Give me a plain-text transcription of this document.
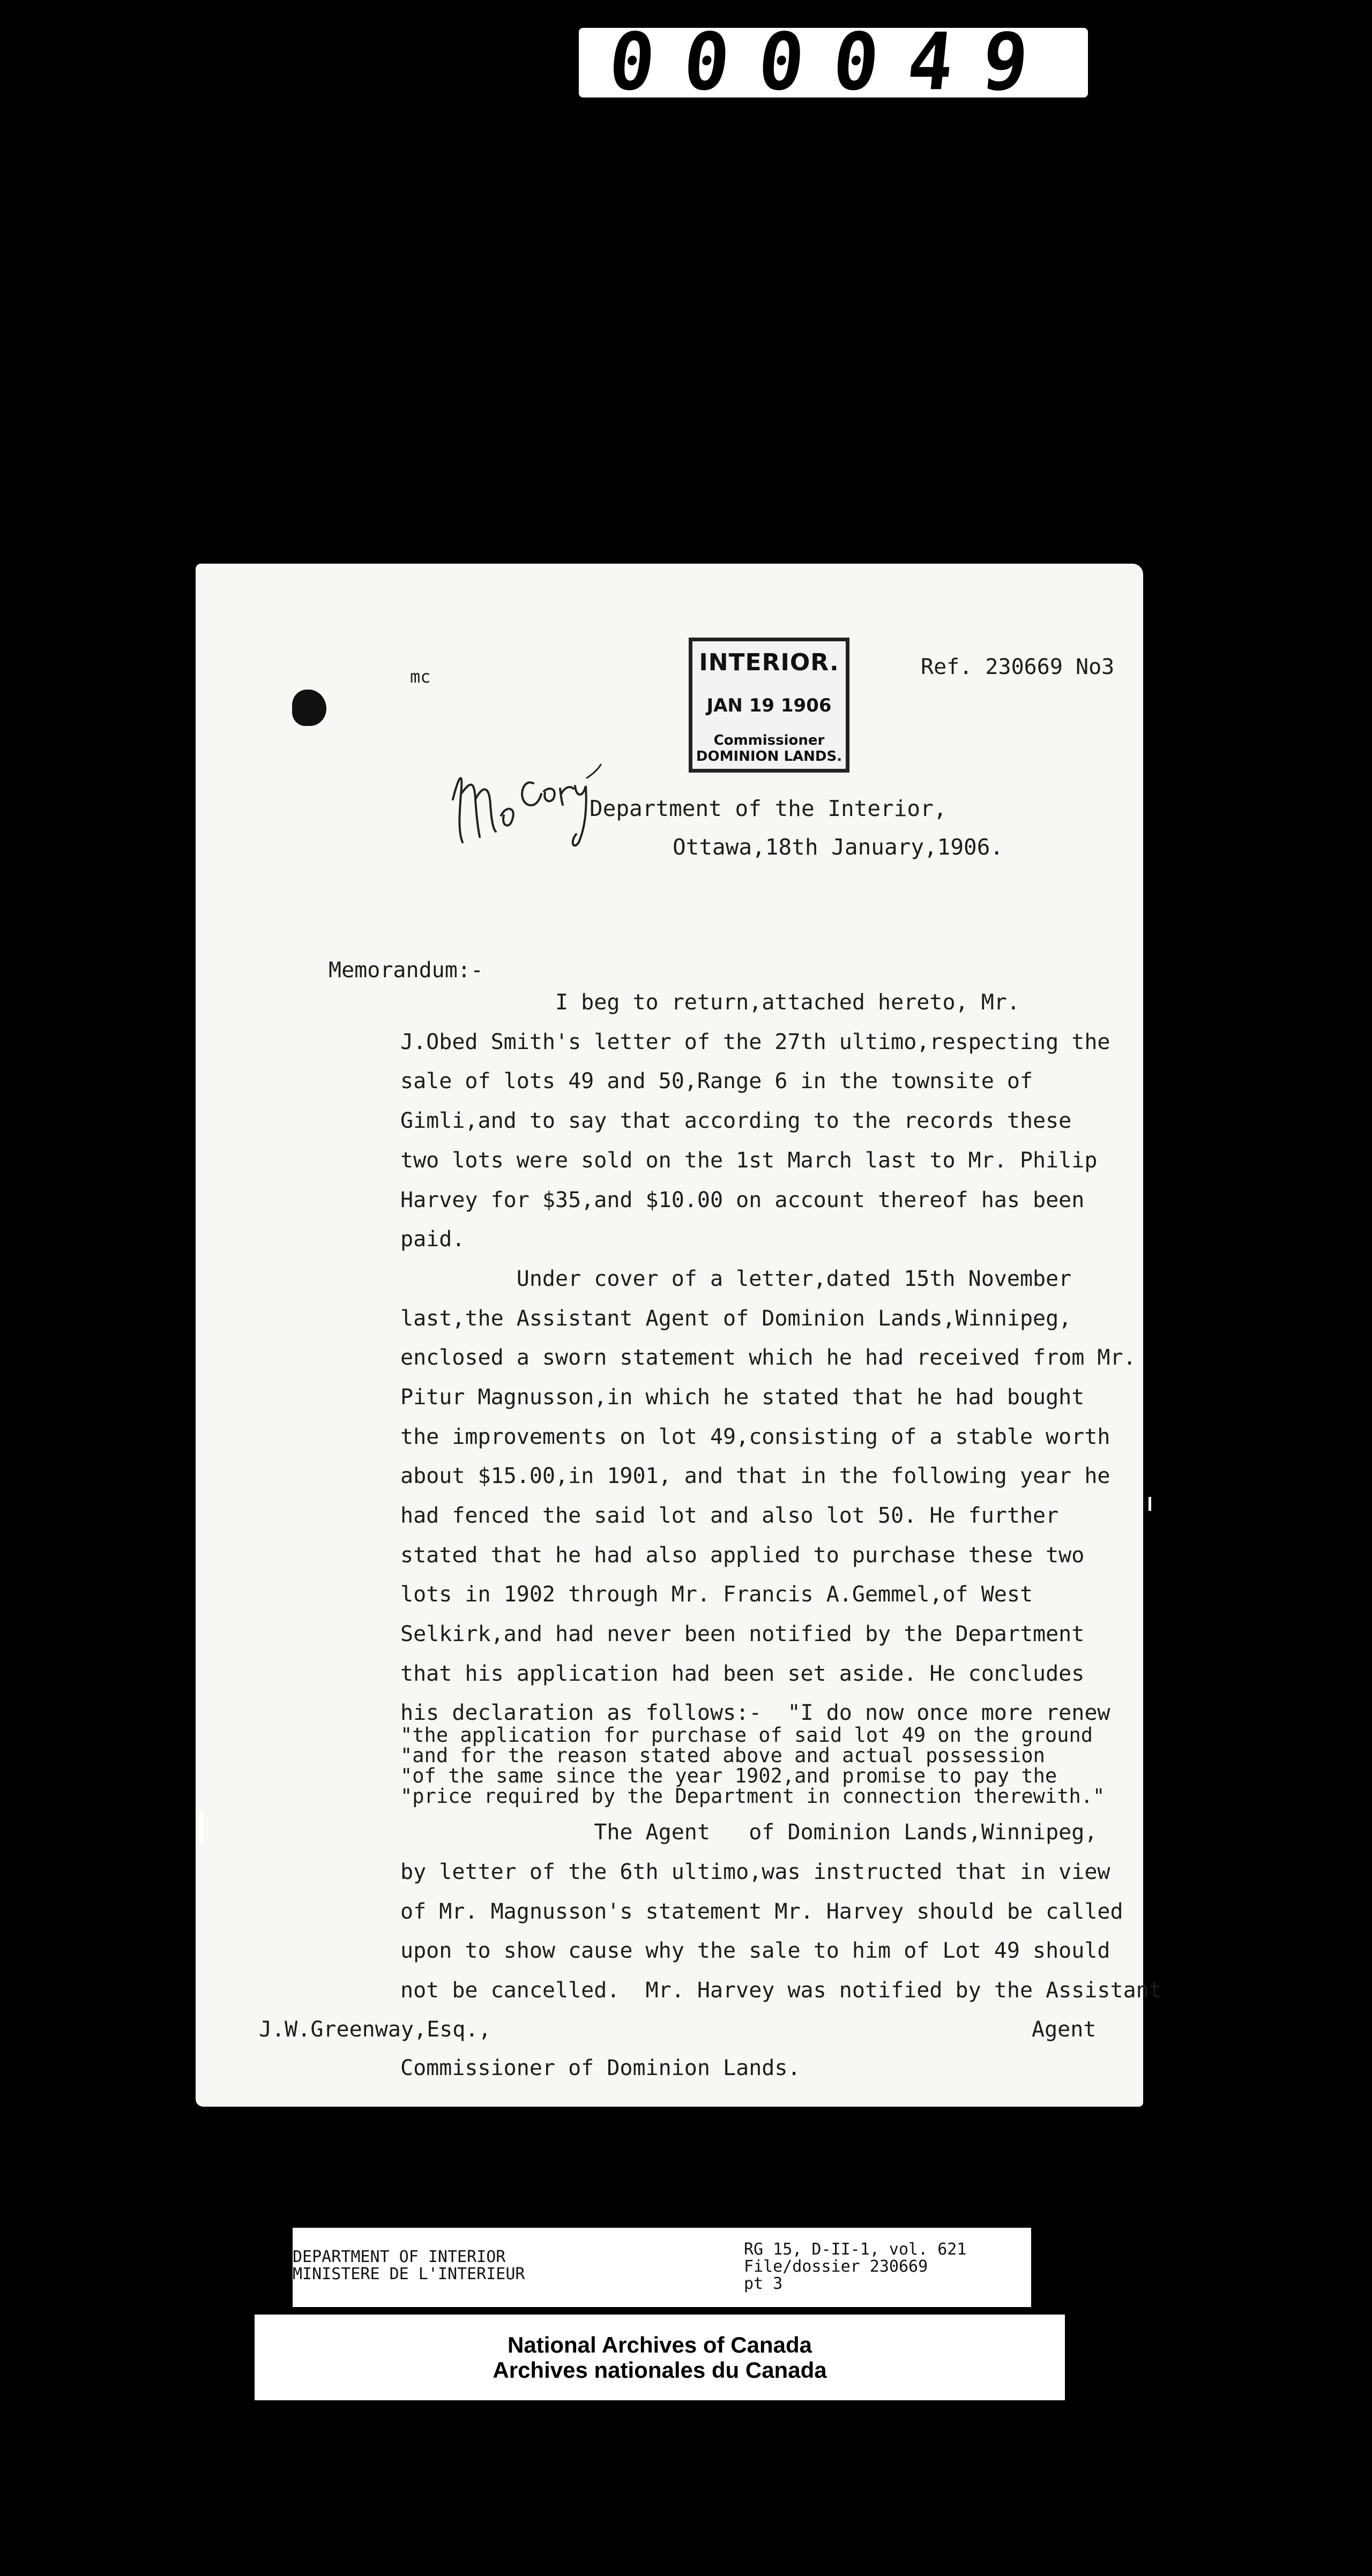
000049
mc
INTERIOR.
JAN 19 1906
Commissioner
DOMINION LANDS.
Ref. 230669 No3
Department of the Interior,
Ottawa,18th January,1906.
Memorandum:-
I beg to return,attached hereto, Mr.
J.Obed Smith's letter of the 27th ultimo,respecting the
sale of lots 49 and 50,Range 6 in the townsite of
Gimli,and to say that according to the records these
two lots were sold on the 1st March last to Mr. Philip
Harvey for $35,and $10.00 on account thereof has been
paid.
Under cover of a letter,dated 15th November
last,the Assistant Agent of Dominion Lands,Winnipeg,
enclosed a sworn statement which he had received from Mr.
Pitur Magnusson,in which he stated that he had bought
the improvements on lot 49,consisting of a stable worth
about $15.00,in 1901, and that in the following year he
had fenced the said lot and also lot 50. He further
stated that he had also applied to purchase these two
lots in 1902 through Mr. Francis A.Gemmel,of West
Selkirk,and had never been notified by the Department
that his application had been set aside. He concludes
his declaration as follows:-  "I do now once more renew
"the application for purchase of said lot 49 on the ground
"and for the reason stated above and actual possession
"of the same since the year 1902,and promise to pay the
"price required by the Department in connection therewith."
The Agent   of Dominion Lands,Winnipeg,
by letter of the 6th ultimo,was instructed that in view
of Mr. Magnusson's statement Mr. Harvey should be called
upon to show cause why the sale to him of Lot 49 should
not be cancelled.  Mr. Harvey was notified by the Assistant
J.W.Greenway,Esq.,	Agent
Commissioner of Dominion Lands.
DEPARTMENT OF INTERIOR
MINISTERE DE L'INTERIEUR
RG 15, D-II-1, vol. 621
File/dossier 230669
pt 3
National Archives of Canada
Archives nationales du Canada
